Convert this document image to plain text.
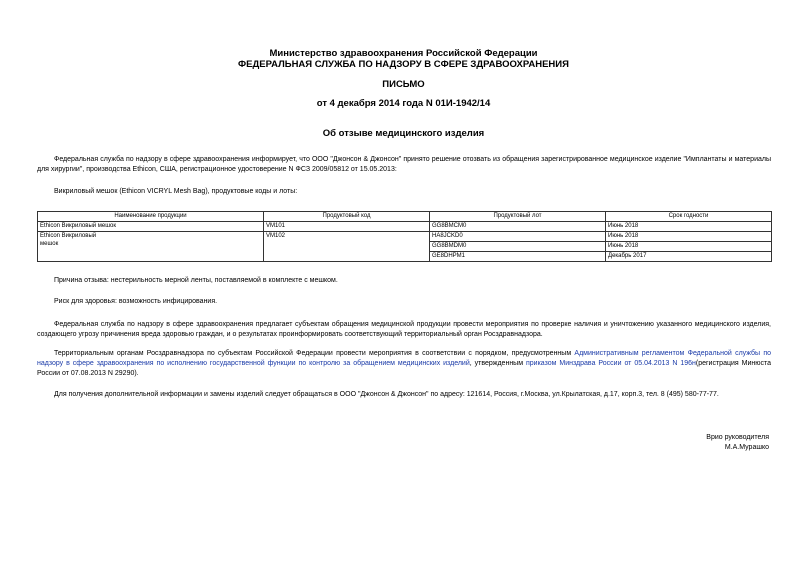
Министерство здравоохранения Российской Федерации
ФЕДЕРАЛЬНАЯ СЛУЖБА ПО НАДЗОРУ В СФЕРЕ ЗДРАВООХРАНЕНИЯ
ПИСЬМО
от 4 декабря 2014 года N 01И-1942/14
Об отзыве медицинского изделия
Федеральная служба по надзору в сфере здравоохранения информирует, что ООО "Джонсон & Джонсон" принято решение отозвать из обращения зарегистрированное медицинское изделие "Имплантаты и материалы для хирургии", производства Ethicon, США, регистрационное удостоверение N ФСЗ 2009/05812 от 15.05.2013:
Викриловый мешок (Ethicon VICRYL Mesh Bag), продуктовые коды и лоты:
Наименование продукции	Продуктовый код	Продуктовый лот	Срок годности
Ethicon Викриловый мешок	VM101	GG8BMCM0	Июнь 2018

Ethicon Викриловый
мешок	VM102	HA8JCKD0	Июнь 2018
		GG8BMDM0	Июнь 2018
		GE8DHPM1	Декабрь 2017
Причина отзыва: нестерильность мерной ленты, поставляемой в комплекте с мешком.
Риск для здоровья: возможность инфицирования.
Федеральная служба по надзору в сфере здравоохранения предлагает субъектам обращения медицинской продукции провести мероприятия по проверке наличия и уничтожению указанного медицинского изделия, создающего угрозу причинения вреда здоровью граждан, и о результатах проинформировать соответствующий территориальный орган Росздравнадзора.
Территориальным органам Росздравнадзора по субъектам Российской Федерации провести мероприятия в соответствии с порядком, предусмотренным Административным регламентом Федеральной службы по надзору в сфере здравоохранения по исполнению государственной функции по контролю за обращением медицинских изделий, утвержденным приказом Минздрава России от 05.04.2013 N 196н(регистрация Минюста России от 07.08.2013 N 29290).
Для получения дополнительной информации и замены изделий следует обращаться в ООО "Джонсон & Джонсон" по адресу: 121614, Россия, г.Москва, ул.Крылатская, д.17, корп.3, тел. 8 (495) 580-77-77.
Врио руководителя
М.А.Мурашко
